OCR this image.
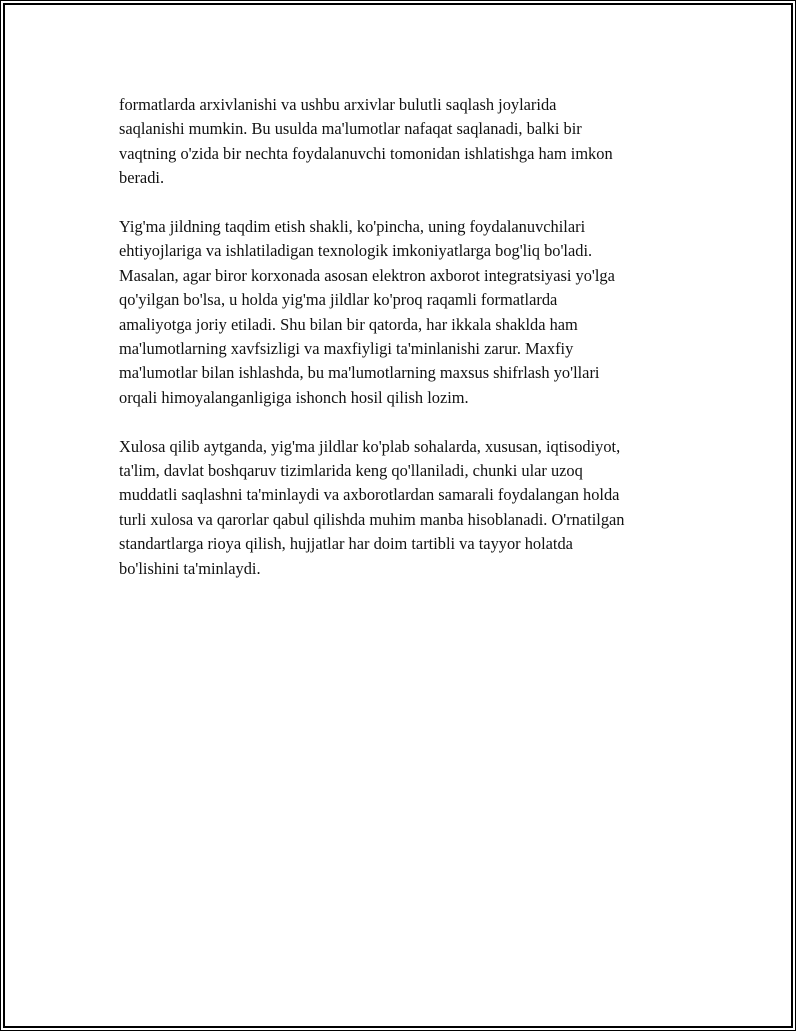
formatlarda arxivlanishi va ushbu arxivlar bulutli saqlash joylarida
saqlanishi mumkin. Bu usulda ma'lumotlar nafaqat saqlanadi, balki bir
vaqtning o'zida bir nechta foydalanuvchi tomonidan ishlatishga ham imkon
beradi.

Yig'ma jildning taqdim etish shakli, ko'pincha, uning foydalanuvchilari
ehtiyojlariga va ishlatiladigan texnologik imkoniyatlarga bog'liq bo'ladi.
Masalan, agar biror korxonada asosan elektron axborot integratsiyasi yo'lga
qo'yilgan bo'lsa, u holda yig'ma jildlar ko'proq raqamli formatlarda
amaliyotga joriy etiladi. Shu bilan bir qatorda, har ikkala shaklda ham
ma'lumotlarning xavfsizligi va maxfiyligi ta'minlanishi zarur. Maxfiy
ma'lumotlar bilan ishlashda, bu ma'lumotlarning maxsus shifrlash yo'llari
orqali himoyalanganligiga ishonch hosil qilish lozim.

Xulosa qilib aytganda, yig'ma jildlar ko'plab sohalarda, xususan, iqtisodiyot,
ta'lim, davlat boshqaruv tizimlarida keng qo'llaniladi, chunki ular uzoq
muddatli saqlashni ta'minlaydi va axborotlardan samarali foydalangan holda
turli xulosa va qarorlar qabul qilishda muhim manba hisoblanadi. O'rnatilgan
standartlarga rioya qilish, hujjatlar har doim tartibli va tayyor holatda
bo'lishini ta'minlaydi.
